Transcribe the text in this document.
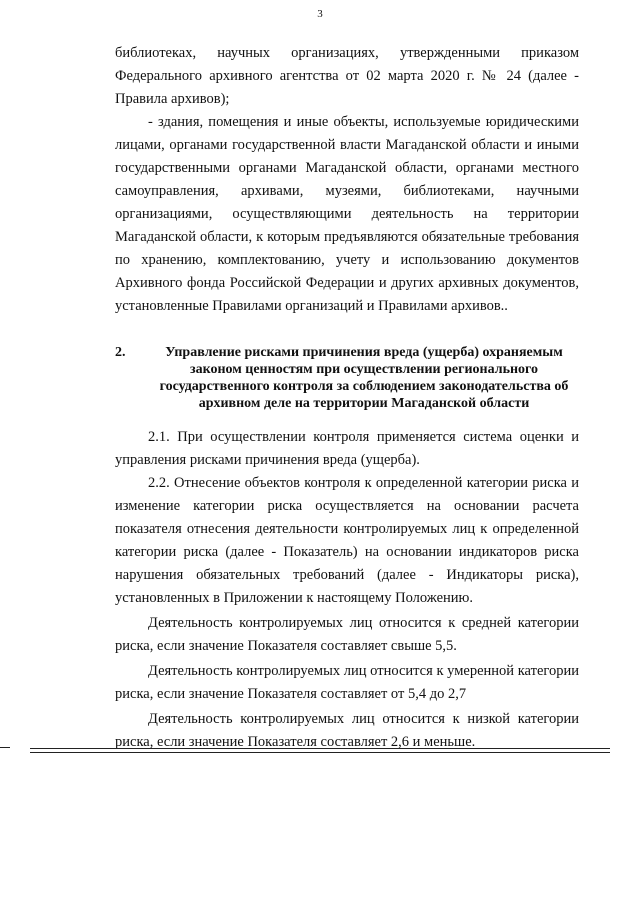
3

библиотеках, научных организациях, утвержденными приказом Федерального архивного агентства от 02 марта 2020 г. № 24 (далее - Правила архивов);

- здания, помещения и иные объекты, используемые юридическими лицами, органами государственной власти Магаданской области и иными государственными органами Магаданской области, органами местного самоуправления, архивами, музеями, библиотеками, научными организациями, осуществляющими деятельность на территории Магаданской области, к которым предъявляются обязательные требования по хранению, комплектованию, учету и использованию документов Архивного фонда Российской Федерации и других архивных документов, установленные Правилами организаций и Правилами архивов..

2.	Управление рисками причинения вреда (ущерба) охраняемым законом ценностям при осуществлении регионального государственного контроля за соблюдением законодательства об архивном деле на территории Магаданской области

2.1. При осуществлении контроля применяется система оценки и управления рисками причинения вреда (ущерба).

2.2. Отнесение объектов контроля к определенной категории риска и изменение категории риска осуществляется на основании расчета показателя отнесения деятельности контролируемых лиц к определенной категории риска (далее - Показатель) на основании индикаторов риска нарушения обязательных требований (далее - Индикаторы риска), установленных в Приложении к настоящему Положению.

Деятельность контролируемых лиц относится к средней категории риска, если значение Показателя составляет свыше 5,5.

Деятельность контролируемых лиц относится к умеренной категории риска, если значение Показателя составляет от 5,4 до 2,7

Деятельность контролируемых лиц относится к низкой категории риска, если значение Показателя составляет 2,6 и меньше.
